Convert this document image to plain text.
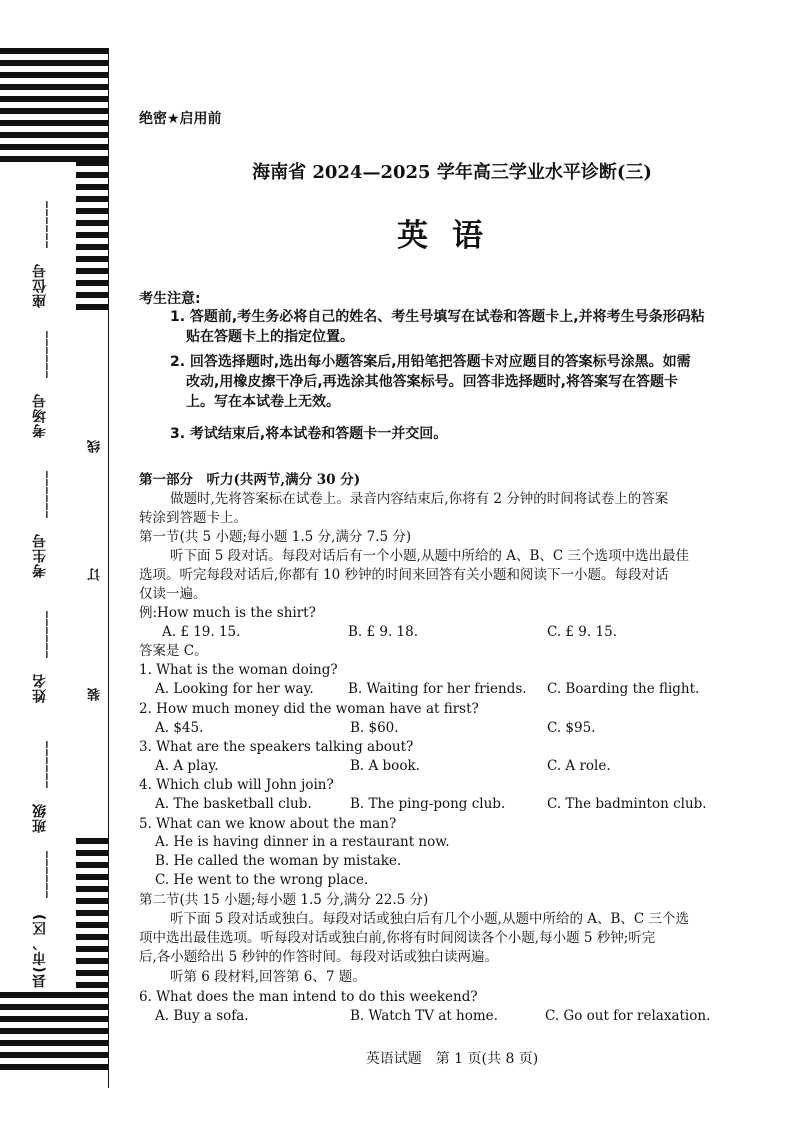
座位号　______
考场号　______
考生号　______
姓名　______
班级　______
县(市、区)　______
线
订
装
绝密★启用前
海南省 2024—2025 学年高三学业水平诊断(三)
英语
考生注意:
1. 答题前,考生务必将自己的姓名、考生号填写在试卷和答题卡上,并将考生号条形码粘
贴在答题卡上的指定位置。
2. 回答选择题时,选出每小题答案后,用铅笔把答题卡对应题目的答案标号涂黑。如需
改动,用橡皮擦干净后,再选涂其他答案标号。回答非选择题时,将答案写在答题卡
上。写在本试卷上无效。
3. 考试结束后,将本试卷和答题卡一并交回。
第一部分　听力(共两节,满分 30 分)
做题时,先将答案标在试卷上。录音内容结束后,你将有 2 分钟的时间将试卷上的答案
转涂到答题卡上。
第一节(共 5 小题;每小题 1.5 分,满分 7.5 分)
听下面 5 段对话。每段对话后有一个小题,从题中所给的 A、B、C 三个选项中选出最佳
选项。听完每段对话后,你都有 10 秒钟的时间来回答有关小题和阅读下一小题。每段对话
仅读一遍。
例:How much is the shirt?
A. £ 19. 15.	B. £ 9. 18.	C. £ 9. 15.
答案是 C。
1. What is the woman doing?
A. Looking for her way.	B. Waiting for her friends. C. Boarding the flight.
2. How much money did the woman have at first?
A. $45.	B. $60.	C. $95.
3. What are the speakers talking about?
A. A play.	B. A book.	C. A role.
4. Which club will John join?
A. The basketball club.	B. The ping-pong club.	C. The badminton club.
5. What can we know about the man?
A. He is having dinner in a restaurant now.
B. He called the woman by mistake.
C. He went to the wrong place.
第二节(共 15 小题;每小题 1.5 分,满分 22.5 分)
听下面 5 段对话或独白。每段对话或独白后有几个小题,从题中所给的 A、B、C 三个选
项中选出最佳选项。听每段对话或独白前,你将有时间阅读各个小题,每小题 5 秒钟;听完
后,各小题给出 5 秒钟的作答时间。每段对话或独白读两遍。
听第 6 段材料,回答第 6、7 题。
6. What does the man intend to do this weekend?
A. Buy a sofa.	B. Watch TV at home.	C. Go out for relaxation.
英语试题　第 1 页(共 8 页)
